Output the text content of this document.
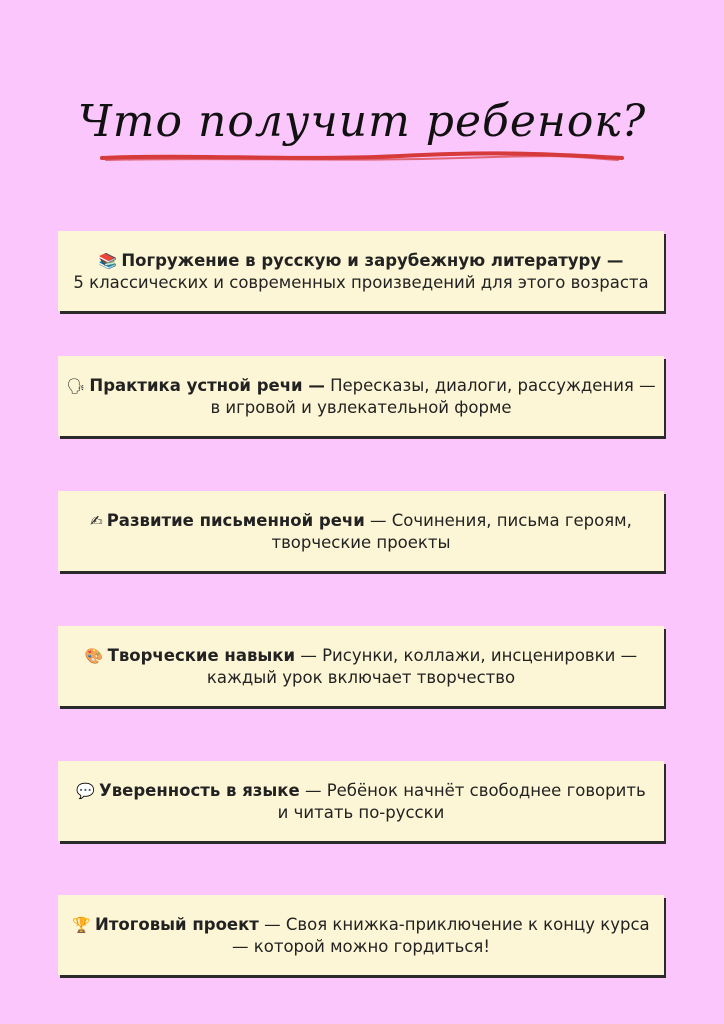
Что получит ребенок?
📚 Погружение в русскую и зарубежную литературу —
5 классических и современных произведений для этого возраста
🗣 Практика устной речи — Пересказы, диалоги, рассуждения — в игровой и увлекательной форме
✍ Развитие письменной речи — Сочинения, письма героям, творческие проекты
🎨 Творческие навыки — Рисунки, коллажи, инсценировки — каждый урок включает творчество
💬 Уверенность в языке — Ребёнок начнёт свободнее говорить и читать по-русски
🏆 Итоговый проект — Своя книжка-приключение к концу курса — которой можно гордиться!
